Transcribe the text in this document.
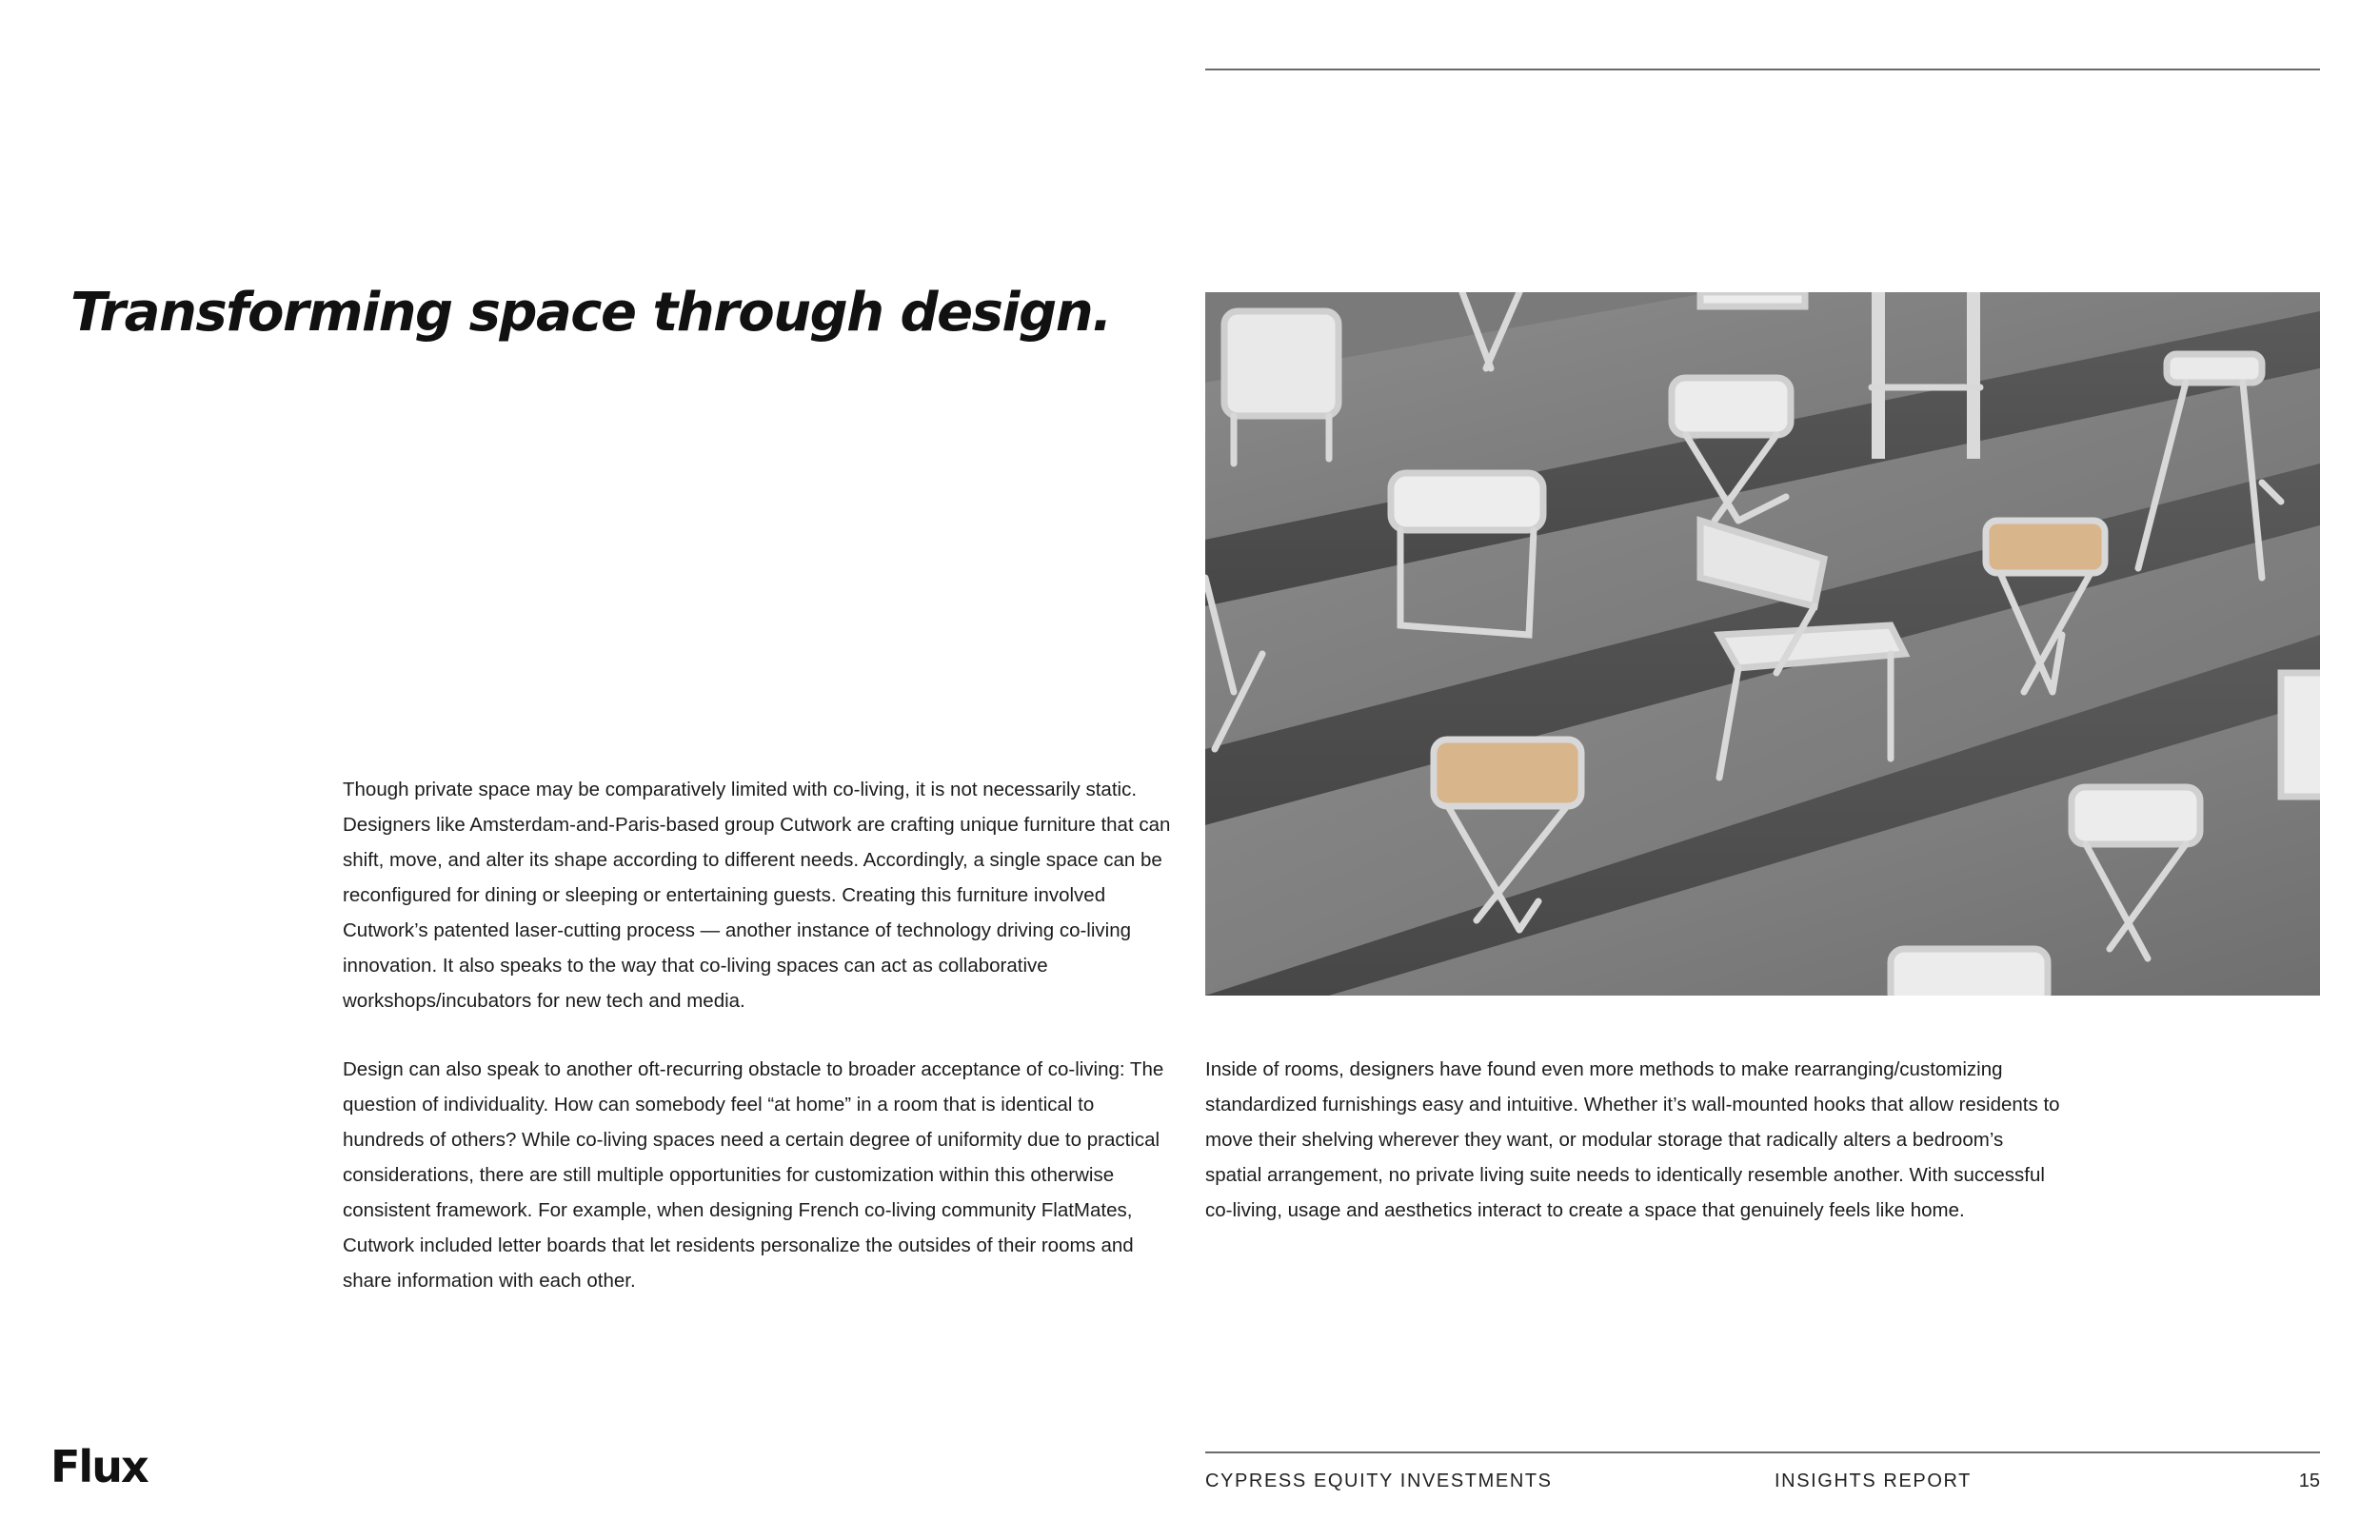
Transforming space through design.

Though private space may be comparatively limited with co-living, it is not necessarily static. Designers like Amsterdam-and-Paris-based group Cutwork are crafting unique furniture that can shift, move, and alter its shape according to different needs. Accordingly, a single space can be reconfigured for dining or sleeping or entertaining guests. Creating this furniture involved Cutwork’s patented laser-cutting process — another instance of technology driving co-living innovation. It also speaks to the way that co-living spaces can act as collaborative workshops/incubators for new tech and media.

Design can also speak to another oft-recurring obstacle to broader acceptance of co-living: The question of individuality. How can somebody feel “at home” in a room that is identical to hundreds of others? While co-living spaces need a certain degree of uniformity due to practical considerations, there are still multiple opportunities for customization within this otherwise consistent framework. For example, when designing French co-living community FlatMates, Cutwork included letter boards that let residents personalize the outsides of their rooms and share information with each other.

Inside of rooms, designers have found even more methods to make rearranging/customizing standardized furnishings easy and intuitive. Whether it’s wall-mounted hooks that allow residents to move their shelving wherever they want, or modular storage that radically alters a bedroom’s spatial arrangement, no private living suite needs to identically resemble another. With successful co-living, usage and aesthetics interact to create a space that genuinely feels like home.

Flux	CYPRESS EQUITY INVESTMENTS	INSIGHTS REPORT	15
